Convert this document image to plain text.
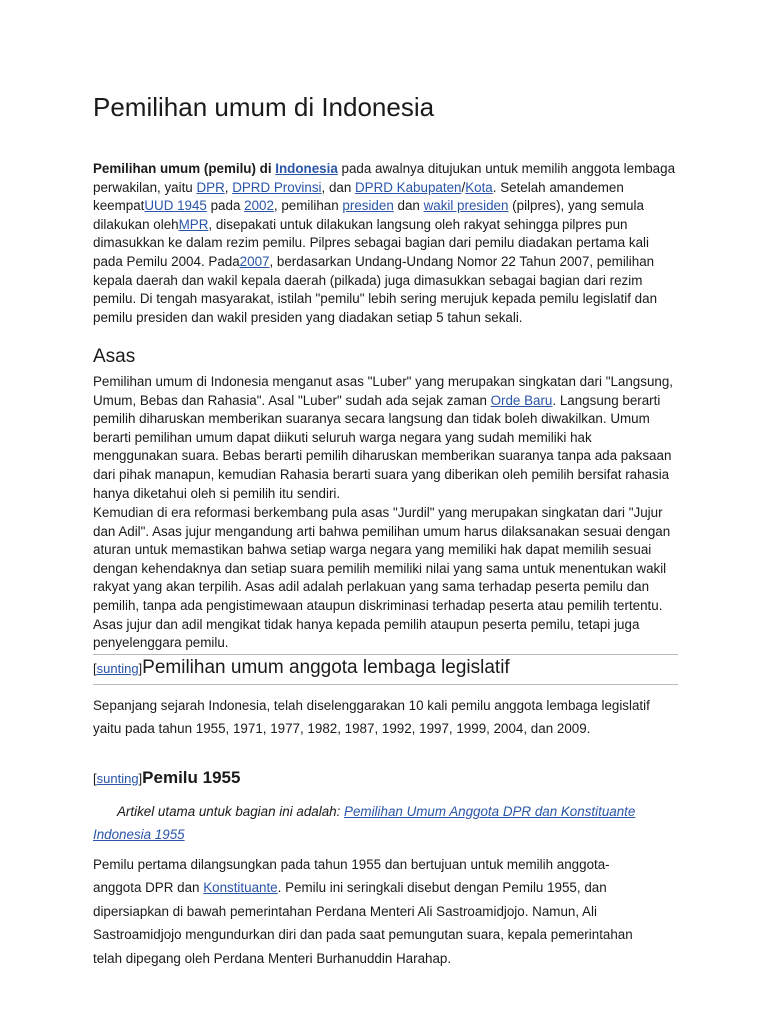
Pemilihan umum di Indonesia

Pemilihan umum (pemilu) di Indonesia pada awalnya ditujukan untuk memilih anggota lembaga perwakilan, yaitu DPR, DPRD Provinsi, dan DPRD Kabupaten/Kota. Setelah amandemen keempatUUD 1945 pada 2002, pemilihan presiden dan wakil presiden (pilpres), yang semula dilakukan olehMPR, disepakati untuk dilakukan langsung oleh rakyat sehingga pilpres pun dimasukkan ke dalam rezim pemilu. Pilpres sebagai bagian dari pemilu diadakan pertama kali pada Pemilu 2004. Pada2007, berdasarkan Undang-Undang Nomor 22 Tahun 2007, pemilihan kepala daerah dan wakil kepala daerah (pilkada) juga dimasukkan sebagai bagian dari rezim pemilu. Di tengah masyarakat, istilah "pemilu" lebih sering merujuk kepada pemilu legislatif dan pemilu presiden dan wakil presiden yang diadakan setiap 5 tahun sekali.

Asas

Pemilihan umum di Indonesia menganut asas "Luber" yang merupakan singkatan dari "Langsung, Umum, Bebas dan Rahasia". Asal "Luber" sudah ada sejak zaman Orde Baru. Langsung berarti pemilih diharuskan memberikan suaranya secara langsung dan tidak boleh diwakilkan. Umum berarti pemilihan umum dapat diikuti seluruh warga negara yang sudah memiliki hak menggunakan suara. Bebas berarti pemilih diharuskan memberikan suaranya tanpa ada paksaan dari pihak manapun, kemudian Rahasia berarti suara yang diberikan oleh pemilih bersifat rahasia hanya diketahui oleh si pemilih itu sendiri.

Kemudian di era reformasi berkembang pula asas "Jurdil" yang merupakan singkatan dari "Jujur dan Adil". Asas jujur mengandung arti bahwa pemilihan umum harus dilaksanakan sesuai dengan aturan untuk memastikan bahwa setiap warga negara yang memiliki hak dapat memilih sesuai dengan kehendaknya dan setiap suara pemilih memiliki nilai yang sama untuk menentukan wakil rakyat yang akan terpilih. Asas adil adalah perlakuan yang sama terhadap peserta pemilu dan pemilih, tanpa ada pengistimewaan ataupun diskriminasi terhadap peserta atau pemilih tertentu. Asas jujur dan adil mengikat tidak hanya kepada pemilih ataupun peserta pemilu, tetapi juga penyelenggara pemilu.

[sunting]Pemilihan umum anggota lembaga legislatif

Sepanjang sejarah Indonesia, telah diselenggarakan 10 kali pemilu anggota lembaga legislatif yaitu pada tahun 1955, 1971, 1977, 1982, 1987, 1992, 1997, 1999, 2004, dan 2009.

[sunting]Pemilu 1955

Artikel utama untuk bagian ini adalah: Pemilihan Umum Anggota DPR dan Konstituante Indonesia 1955

Pemilu pertama dilangsungkan pada tahun 1955 dan bertujuan untuk memilih anggota-anggota DPR dan Konstituante. Pemilu ini seringkali disebut dengan Pemilu 1955, dan dipersiapkan di bawah pemerintahan Perdana Menteri Ali Sastroamidjojo. Namun, Ali Sastroamidjojo mengundurkan diri dan pada saat pemungutan suara, kepala pemerintahan telah dipegang oleh Perdana Menteri Burhanuddin Harahap.
